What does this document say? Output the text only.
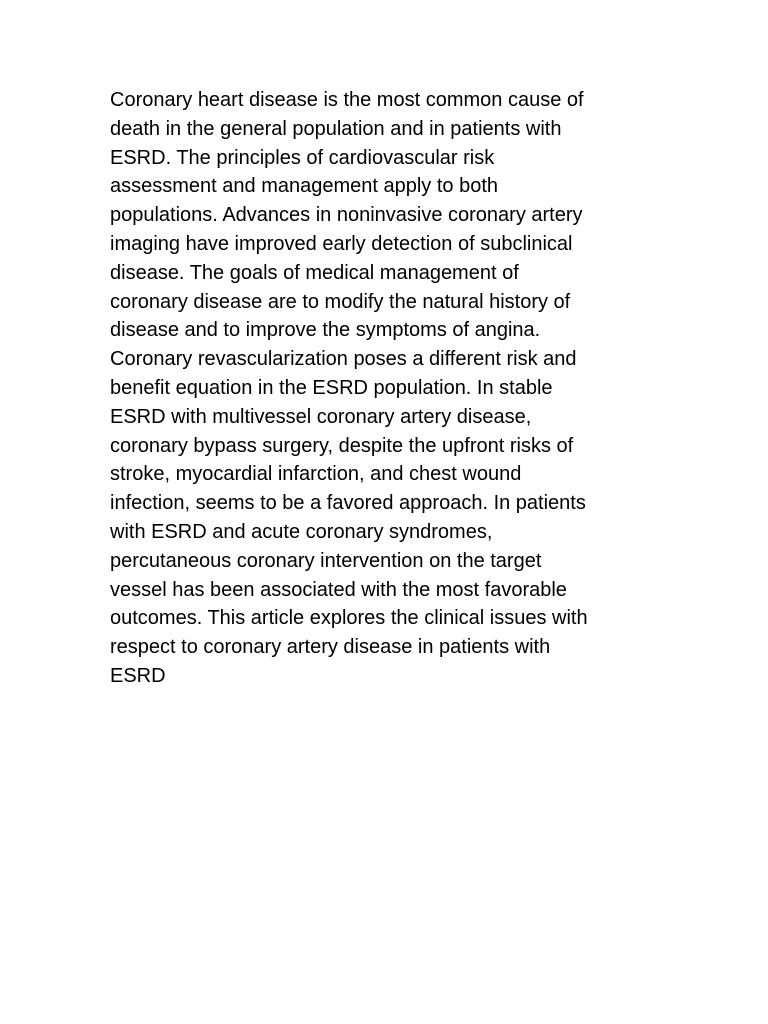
Coronary heart disease is the most common cause of
death in the general population and in patients with
ESRD. The principles of cardiovascular risk
assessment and management apply to both
populations. Advances in noninvasive coronary artery
imaging have improved early detection of subclinical
disease. The goals of medical management of
coronary disease are to modify the natural history of
disease and to improve the symptoms of angina.
Coronary revascularization poses a different risk and
benefit equation in the ESRD population. In stable
ESRD with multivessel coronary artery disease,
coronary bypass surgery, despite the upfront risks of
stroke, myocardial infarction, and chest wound
infection, seems to be a favored approach. In patients
with ESRD and acute coronary syndromes,
percutaneous coronary intervention on the target
vessel has been associated with the most favorable
outcomes. This article explores the clinical issues with
respect to coronary artery disease in patients with
ESRD
